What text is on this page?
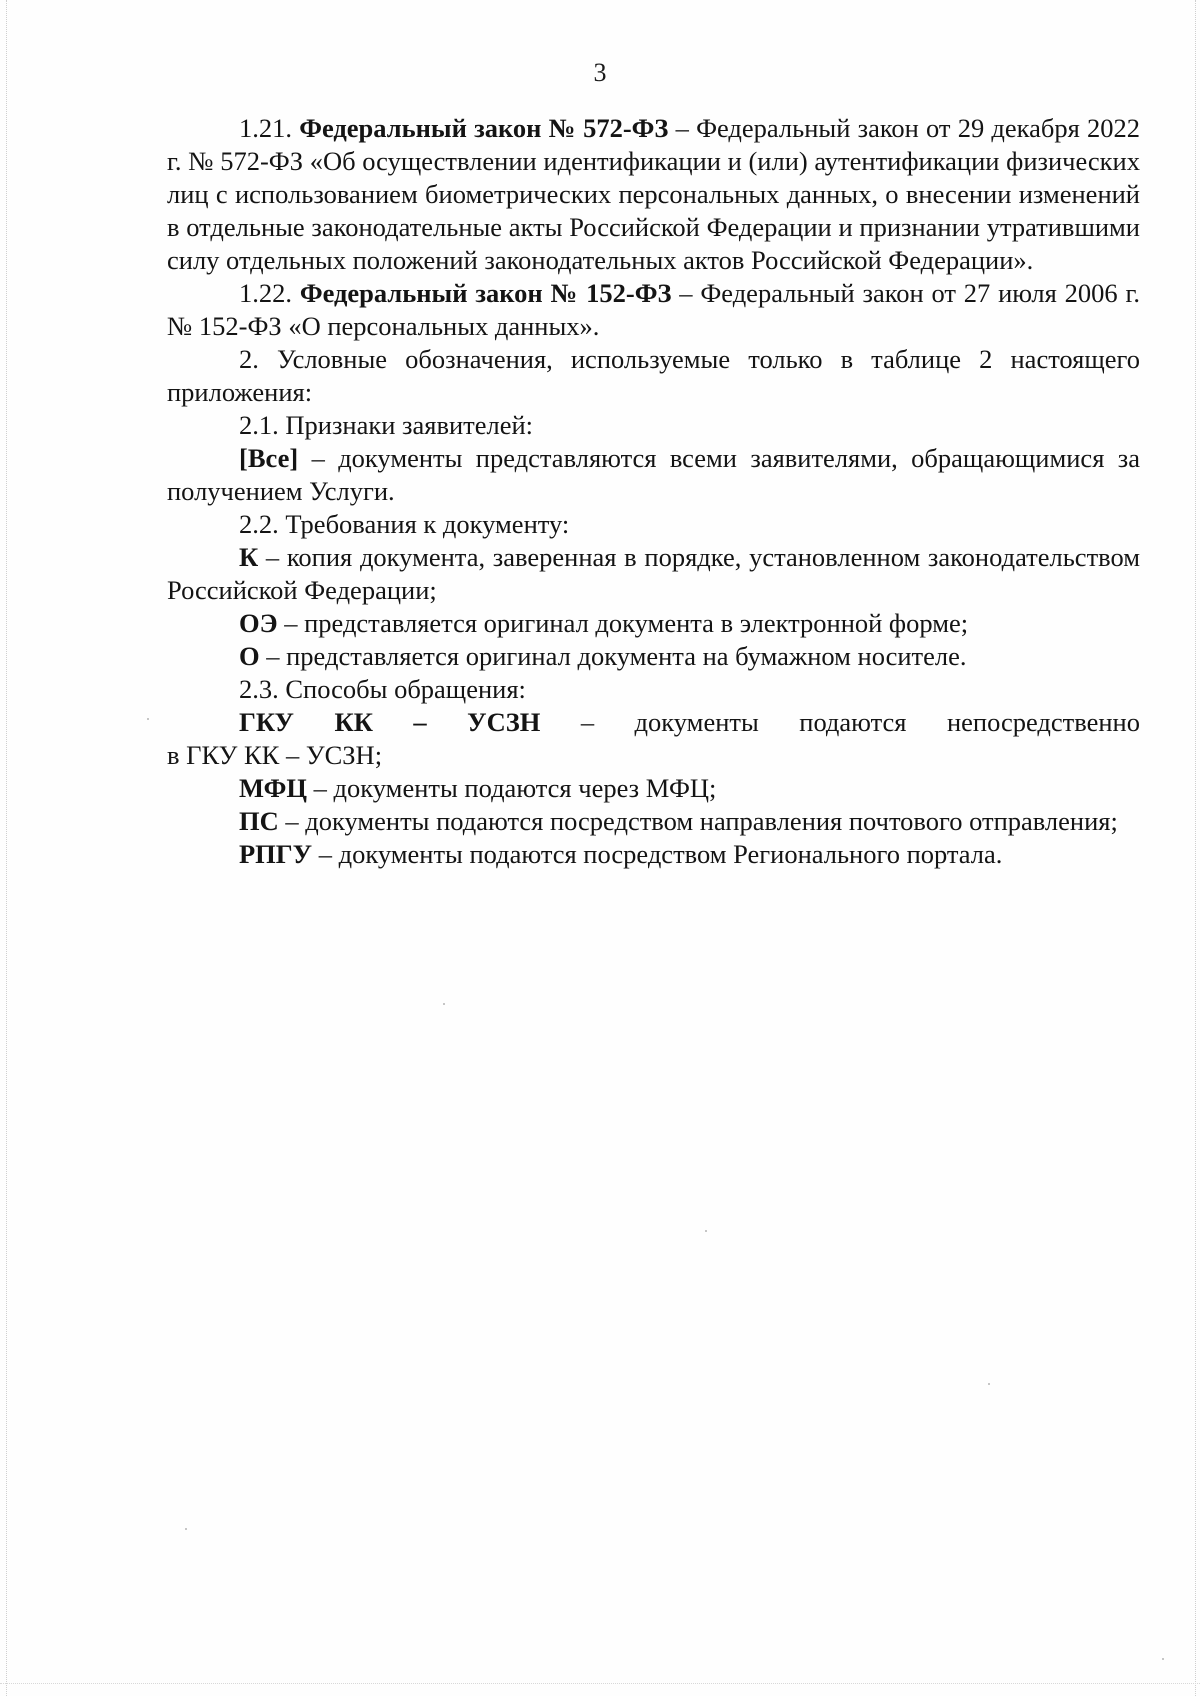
3

1.21. Федеральный закон № 572-ФЗ – Федеральный закон от 29 декабря 2022 г. № 572-ФЗ «Об осуществлении идентификации и (или) аутентификации физических лиц с использованием биометрических персональных данных, о внесении изменений в отдельные законодательные акты Российской Федерации и признании утратившими силу отдельных положений законодательных актов Российской Федерации».

1.22. Федеральный закон № 152-ФЗ – Федеральный закон от 27 июля 2006 г. № 152-ФЗ «О персональных данных».

2. Условные обозначения, используемые только в таблице 2 настоящего приложения:

2.1. Признаки заявителей:

[Все] – документы представляются всеми заявителями, обращающимися за получением Услуги.

2.2. Требования к документу:

К – копия документа, заверенная в порядке, установленном законодательством Российской Федерации;

ОЭ – представляется оригинал документа в электронной форме;

О – представляется оригинал документа на бумажном носителе.

2.3. Способы обращения:

ГКУ КК – УСЗН – документы подаются непосредственно

в ГКУ КК – УСЗН;

МФЦ – документы подаются через МФЦ;

ПС – документы подаются посредством направления почтового отправления;

РПГУ – документы подаются посредством Регионального портала.
